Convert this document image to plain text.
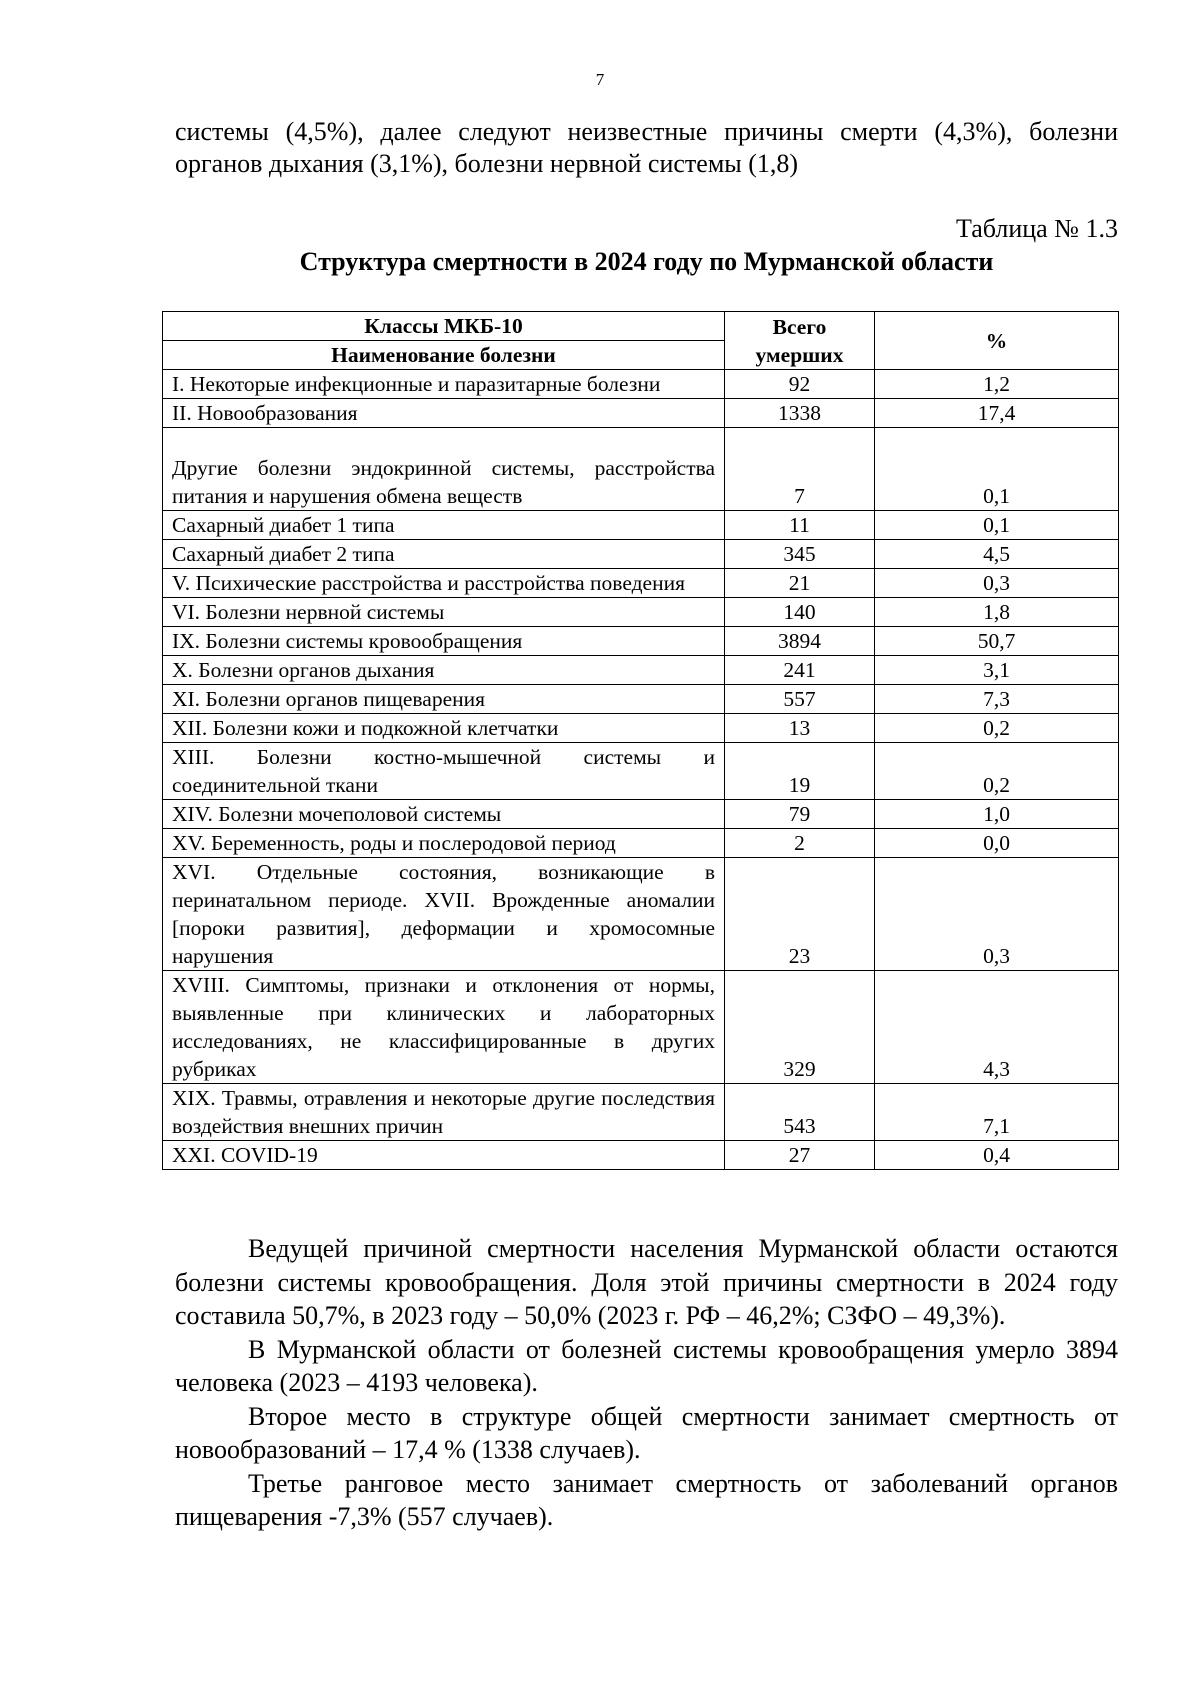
7

системы (4,5%), далее следуют неизвестные причины смерти (4,3%), болезни органов дыхания (3,1%), болезни нервной системы (1,8)

Таблица № 1.3
Структура смертности в 2024 году по Мурманской области
Классы МКБ-10	Всего умерших	%
Наименование болезни		
I. Некоторые инфекционные и паразитарные болезни	92	1,2
II. Новообразования	1338	17,4
Другие болезни эндокринной системы, расстройства питания и нарушения обмена веществ	7	0,1
Сахарный диабет 1 типа	11	0,1
Сахарный диабет 2 типа	345	4,5
V. Психические расстройства и расстройства поведения	21	0,3
VI. Болезни нервной системы	140	1,8
IX. Болезни системы кровообращения	3894	50,7
X. Болезни органов дыхания	241	3,1
XI. Болезни органов пищеварения	557	7,3
XII. Болезни кожи и подкожной клетчатки	13	0,2
XIII. Болезни костно-мышечной системы и соединительной ткани	19	0,2
XIV. Болезни мочеполовой системы	79	1,0
XV. Беременность, роды и послеродовой период	2	0,0
XVI. Отдельные состояния, возникающие в перинатальном периоде. XVII. Врожденные аномалии [пороки развития], деформации и хромосомные нарушения	23	0,3
XVIII. Симптомы, признаки и отклонения от нормы, выявленные при клинических и лабораторных исследованиях, не классифицированные в других рубриках	329	4,3
XIX. Травмы, отравления и некоторые другие последствия воздействия внешних причин	543	7,1
XXI. COVID-19	27	0,4

Ведущей причиной смертности населения Мурманской области остаются болезни системы кровообращения. Доля этой причины смертности в 2024 году составила 50,7%, в 2023 году – 50,0% (2023 г. РФ – 46,2%; СЗФО – 49,3%).

В Мурманской области от болезней системы кровообращения умерло 3894 человека (2023 – 4193 человека).

Второе место в структуре общей смертности занимает смертность от новообразований – 17,4 % (1338 случаев).

Третье ранговое место занимает смертность от заболеваний органов пищеварения -7,3% (557 случаев).
